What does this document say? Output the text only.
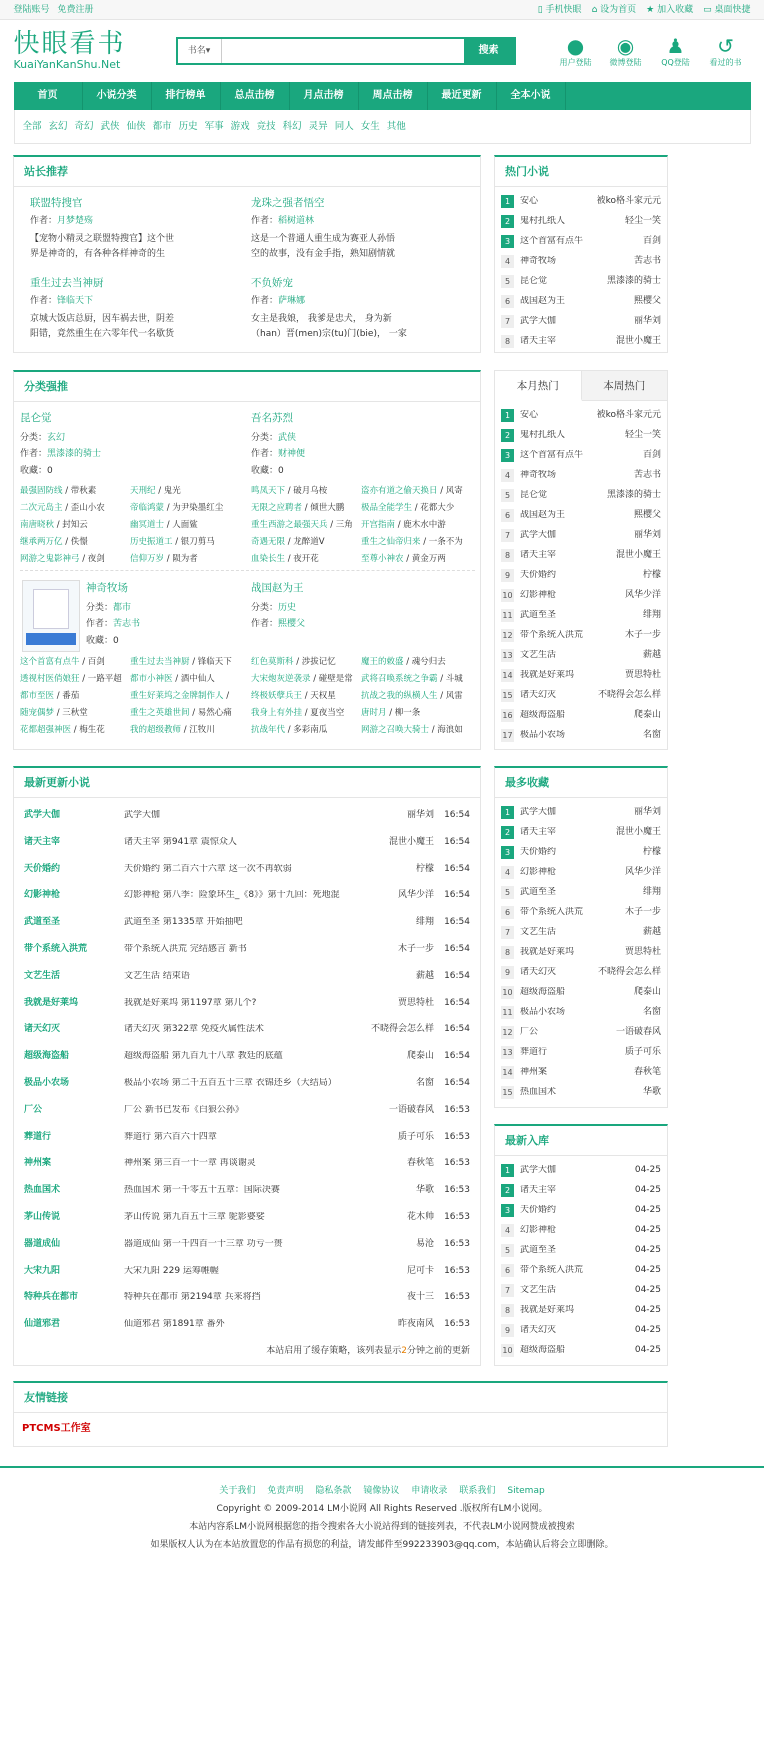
登陆账号 免费注册	▯ 手机快眼 ⌂ 设为首页 ★ 加入收藏 ▭ 桌面快捷
快眼看书
KuaiYanKanShu.Net
书名 ▾	搜索	●
用户登陆
◉
微博登陆
♟
QQ登陆
↺
看过的书
首页	小说分类	排行榜单	总点击榜	月点击榜	周点击榜	最近更新	全本小说
全部 玄幻 奇幻 武侠 仙侠 都市 历史 军事 游戏 竞技 科幻 灵异 同人 女生 其他
站长推荐
联盟特搜官
作者：月梦楚殇
【宠物小精灵之联盟特搜官】这个世
界是神奇的，有各种各样神奇的生
龙珠之强者悟空
作者：稻树道林
这是一个普通人重生成为赛亚人孙悟
空的故事，没有金手指，熟知剧情就
重生过去当神厨
作者：锋临天下
京城大饭店总厨，因车祸去世，阴差
阳错，竟然重生在六零年代一名歇货
不负娇宠
作者：萨琳娜
女主是我娘， 我爹是忠犬， 身为新
（han）晋(men)宗(tu)门(bie)， 一家
热门小说
1	安心	被ko格斗家元元
2	鬼村扎纸人	轻尘一笑
3	这个首富有点牛	百剑
4	神奇牧场	苦志书
5	昆仑觉	黑漆漆的骑士
6	战国赵为王	熙樱父
7	武学大伽	丽华刘
8	诸天主宰	混世小魔王
分类强推
昆仑觉
分类：玄幻
作者：黑漆漆的骑士
收藏：0
吾名苏烈
分类：武侠
作者：财神便
收藏：0
最强固防线 / 带秋素
二次元岛主 / 歪山小农
南唐晓秋 / 封知云
继承两万亿 / 佚憬
网游之鬼影神弓 / 夜剑
天刑纪 / 鬼光
帝临鸿蒙 / 为尹染墨红尘
幽冥道士 / 人面鲨
历史振道工 / 银刀剪马
信仰万岁 / 陨为者
鸣凤天下 / 破月乌桉
无限之应聘者 / 倾世大鹏
重生西游之最强天兵 / 三角
奇遇无限 / 龙醉道V
血染长生 / 夜开花
盗亦有道之偷天换日 / 风寄
极品全能学生 / 花都大少
开宫指南 / 鹿木水中游
重生之仙帝归来 / 一条不为
至尊小神农 / 黄金万两
神奇牧场
分类：都市
作者：苦志书
收藏：0
战国赵为王
分类：历史
作者：熙樱父
这个首富有点牛 / 百剑
透视村医俏娘狂 / 一路平超
都市至医 / 番茄
随宠偶梦 / 三秋堂
花都超强神医 / 梅生花
重生过去当神厨 / 锋临天下
都市小神医 / 酒中仙人
重生好莱坞之金牌制作人 /
重生之英雄世间 / 易然心痛
我的超级教师 / 江牧川
红色莫斯科 / 涉拔记忆
大宋炮灰逆袭录 / 碰壁是常
终极妖孽兵王 / 天权星
我身上有外挂 / 夏夜当空
抗战年代 / 多彩南瓜
魔王的敕盛 / 魂兮归去
武将召唤系统之争霸 / 斗城
抗战之我的纵横人生 / 风雷
唐时月 / 柳一条
网游之召唤大骑士 / 海浪如
本月热门	本周热门
1	安心	被ko格斗家元元
2	鬼村扎纸人	轻尘一笑
3	这个首富有点牛	百剑
4	神奇牧场	苦志书
5	昆仑觉	黑漆漆的骑士
6	战国赵为王	熙樱父
7	武学大伽	丽华刘
8	诸天主宰	混世小魔王
9	天价婚约	柠檬
10 幻影神枪	风华少洋
11 武道至圣	绯翔
12 带个系统入洪荒	木子一步
13 文艺生活	薪越
14 我就是好莱坞	贾思特杜
15 诸天幻灭	不晓得会怎么样
16 超级海盗船	爬泰山
17 极品小农场	名窗
最新更新小说
武学大伽	武学大伽	丽华刘	16:54
诸天主宰	诸天主宰 第941章 震惊众人	混世小魔王	16:54
天价婚约	天价婚约 第二百六十六章 这一次不再软弱	柠檬	16:54
幻影神枪	幻影神枪 第八季：险象环生_《8》》第十九回：死地混	风华少洋	16:54
武道至圣	武道至圣 第1335章 开始抽吧	绯翔	16:54
带个系统入洪荒	带个系统入洪荒 完结感言 新书	木子一步	16:54
文艺生活	文艺生活 结束语	薪越	16:54
我就是好莱坞	我就是好莱坞 第1197章 第几个?	贾思特杜	16:54
诸天幻灭	诸天幻灭 第322章 免疫火属性法术	不晓得会怎么样	16:54
超级海盗船	超级海盗船 第九百九十八章 教廷的底蕴	爬泰山	16:54
极品小农场	极品小农场 第二千五百五十三章 衣锦还乡（大结局）	名窗	16:54
厂公	厂公 新书已发布《白狼公孙》	一语破春风	16:53
葬道行	葬道行 第六百六十四章	质子可乐	16:53
神州案	神州案 第三百一十一章 再谈谢灵	春秋笔	16:53
热血国术	热血国术 第一千零五十五章：国际决赛	华歌	16:53
茅山传说	茅山传说 第九百五十三章 鸵影婆娑	花木帅	16:53
器道成仙	器道成仙 第一千四百一十三章 功亏一篑	易沧	16:53
大宋九阳	大宋九阳 229 运筹帷幄	尼可卡	16:53
特种兵在都市	特种兵在都市 第2194章 兵来将挡	夜十三	16:53
仙道邪君	仙道邪君 第1891章 番外	昨夜南风	16:53
本站启用了缓存策略，该列表显示2分钟之前的更新
最多收藏
1	武学大伽	丽华刘
2	诸天主宰	混世小魔王
3	天价婚约	柠檬
4	幻影神枪	风华少洋
5	武道至圣	绯翔
6	带个系统入洪荒	木子一步
7	文艺生活	薪越
8	我就是好莱坞	贾思特杜
9	诸天幻灭	不晓得会怎么样
10 超级海盗船	爬泰山
11 极品小农场	名窗
12 厂公	一语破春风
13 葬道行	质子可乐
14 神州案	春秋笔
15 热血国术	华歌
最新入库
1	武学大伽	04-25
2	诸天主宰	04-25
3	天价婚约	04-25
4	幻影神枪	04-25
5	武道至圣	04-25
6	带个系统入洪荒	04-25
7	文艺生活	04-25
8	我就是好莱坞	04-25
9	诸天幻灭	04-25
10 超级海盗船	04-25
友情链接
PTCMS工作室
关于我们 免责声明 隐私条款 镜像协议 申请收录 联系我们 Sitemap
Copyright © 2009-2014 LM小说网 All Rights Reserved .版权所有LM小说网。
本站内容系LM小说网根据您的指令搜索各大小说站得到的链接列表，不代表LM小说网赞成被搜索
如果版权人认为在本站放置您的作品有损您的利益，请发邮件至992233903@qq.com，本站确认后将会立即删除。
